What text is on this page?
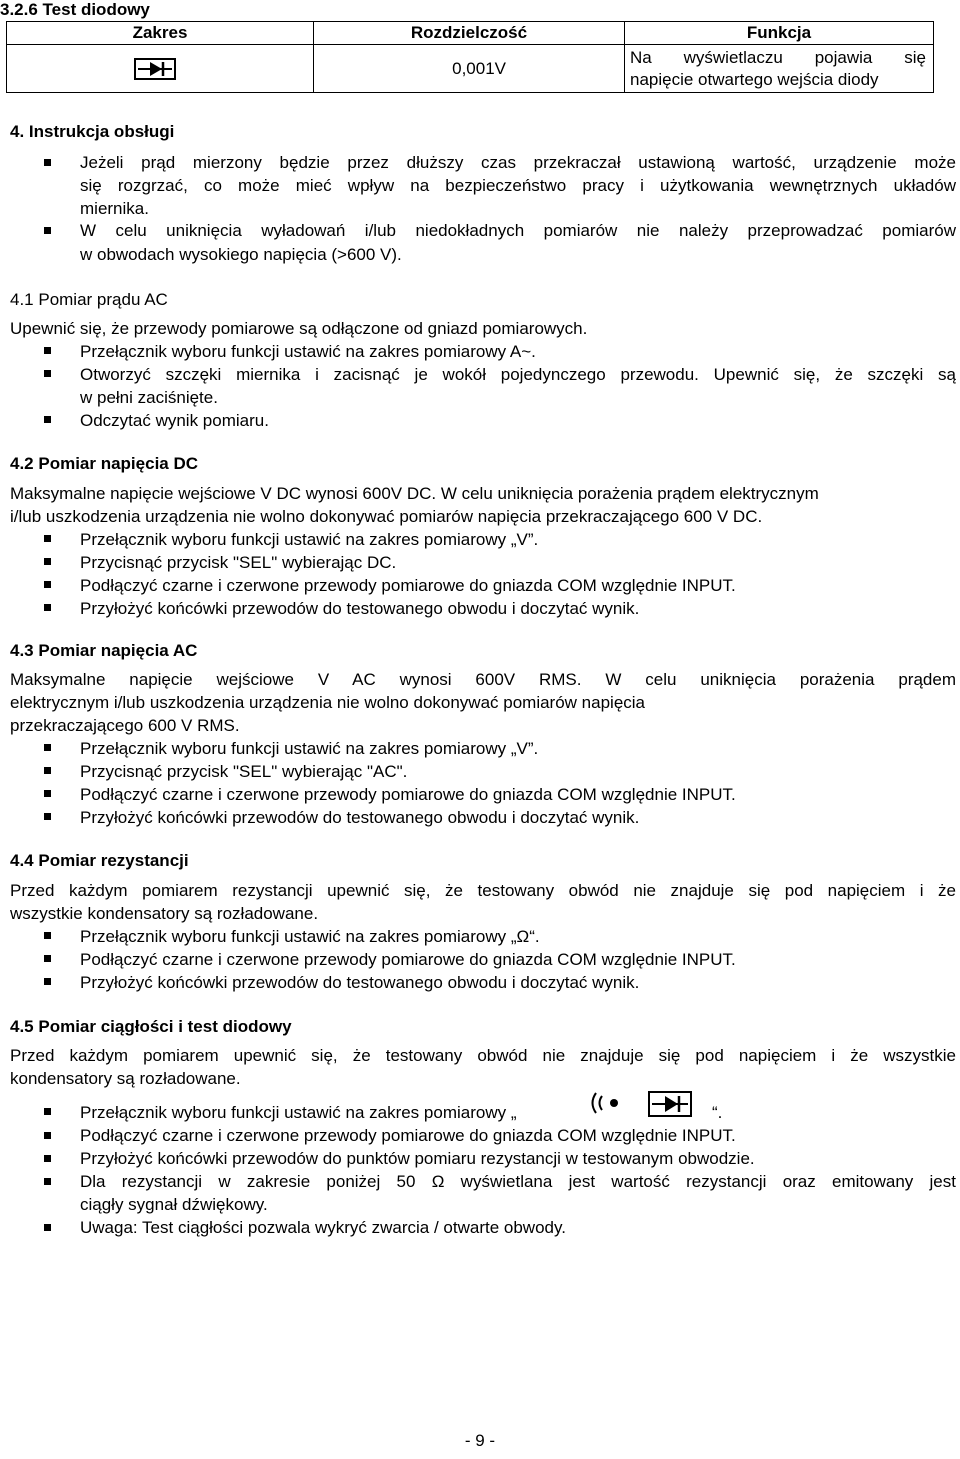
3.2.6 Test diodowy
Zakres	Rozdzielczość	Funkcja

	0,001V	Na wyświetlaczu pojawia się
napięcie otwartego wejścia diody
4. Instrukcja obsługi
Jeżeli prąd mierzony będzie przez dłuższy czas przekraczał ustawioną wartość, urządzenie może
się rozgrzać, co może mieć wpływ na bezpieczeństwo pracy i użytkowania wewnętrznych układów
miernika.
W celu uniknięcia wyładowań i/lub niedokładnych pomiarów nie należy przeprowadzać pomiarów
w obwodach wysokiego napięcia (>600 V).
4.1 Pomiar prądu AC
Upewnić się, że przewody pomiarowe są odłączone od gniazd pomiarowych.
Przełącznik wyboru funkcji ustawić na zakres pomiarowy A~.
Otworzyć szczęki miernika i zacisnąć je wokół pojedynczego przewodu. Upewnić się, że szczęki są
w pełni zaciśnięte.
Odczytać wynik pomiaru.
4.2 Pomiar napięcia DC
Maksymalne napięcie wejściowe V DC wynosi 600V DC. W celu uniknięcia porażenia prądem elektrycznym
i/lub uszkodzenia urządzenia nie wolno dokonywać pomiarów napięcia przekraczającego 600 V DC.
Przełącznik wyboru funkcji ustawić na zakres pomiarowy „V”.
Przycisnąć przycisk "SEL" wybierając DC.
Podłączyć czarne i czerwone przewody pomiarowe do gniazda COM względnie INPUT.
Przyłożyć końcówki przewodów do testowanego obwodu i doczytać wynik.
4.3 Pomiar napięcia AC
Maksymalne napięcie wejściowe V AC wynosi 600V RMS. W celu uniknięcia porażenia prądem
elektrycznym i/lub uszkodzenia urządzenia nie wolno dokonywać pomiarów napięcia
przekraczającego 600 V RMS.
Przełącznik wyboru funkcji ustawić na zakres pomiarowy „V”.
Przycisnąć przycisk "SEL" wybierając "AC".
Podłączyć czarne i czerwone przewody pomiarowe do gniazda COM względnie INPUT.
Przyłożyć końcówki przewodów do testowanego obwodu i doczytać wynik.
4.4 Pomiar rezystancji
Przed każdym pomiarem rezystancji upewnić się, że testowany obwód nie znajduje się pod napięciem i że
wszystkie kondensatory są rozładowane.
Przełącznik wyboru funkcji ustawić na zakres pomiarowy „Ω“.
Podłączyć czarne i czerwone przewody pomiarowe do gniazda COM względnie INPUT.
Przyłożyć końcówki przewodów do testowanego obwodu i doczytać wynik.
4.5 Pomiar ciągłości i test diodowy
Przed każdym pomiarem upewnić się, że testowany obwód nie znajduje się pod napięciem i że wszystkie
kondensatory są rozładowane.
Przełącznik wyboru funkcji ustawić na zakres pomiarowy „	“.
Podłączyć czarne i czerwone przewody pomiarowe do gniazda COM względnie INPUT.
Przyłożyć końcówki przewodów do punktów pomiaru rezystancji w testowanym obwodzie.
Dla rezystancji w zakresie poniżej 50 Ω wyświetlana jest wartość rezystancji oraz emitowany jest
ciągły sygnał dźwiękowy.
Uwaga: Test ciągłości pozwala wykryć zwarcia / otwarte obwody.
- 9 -
